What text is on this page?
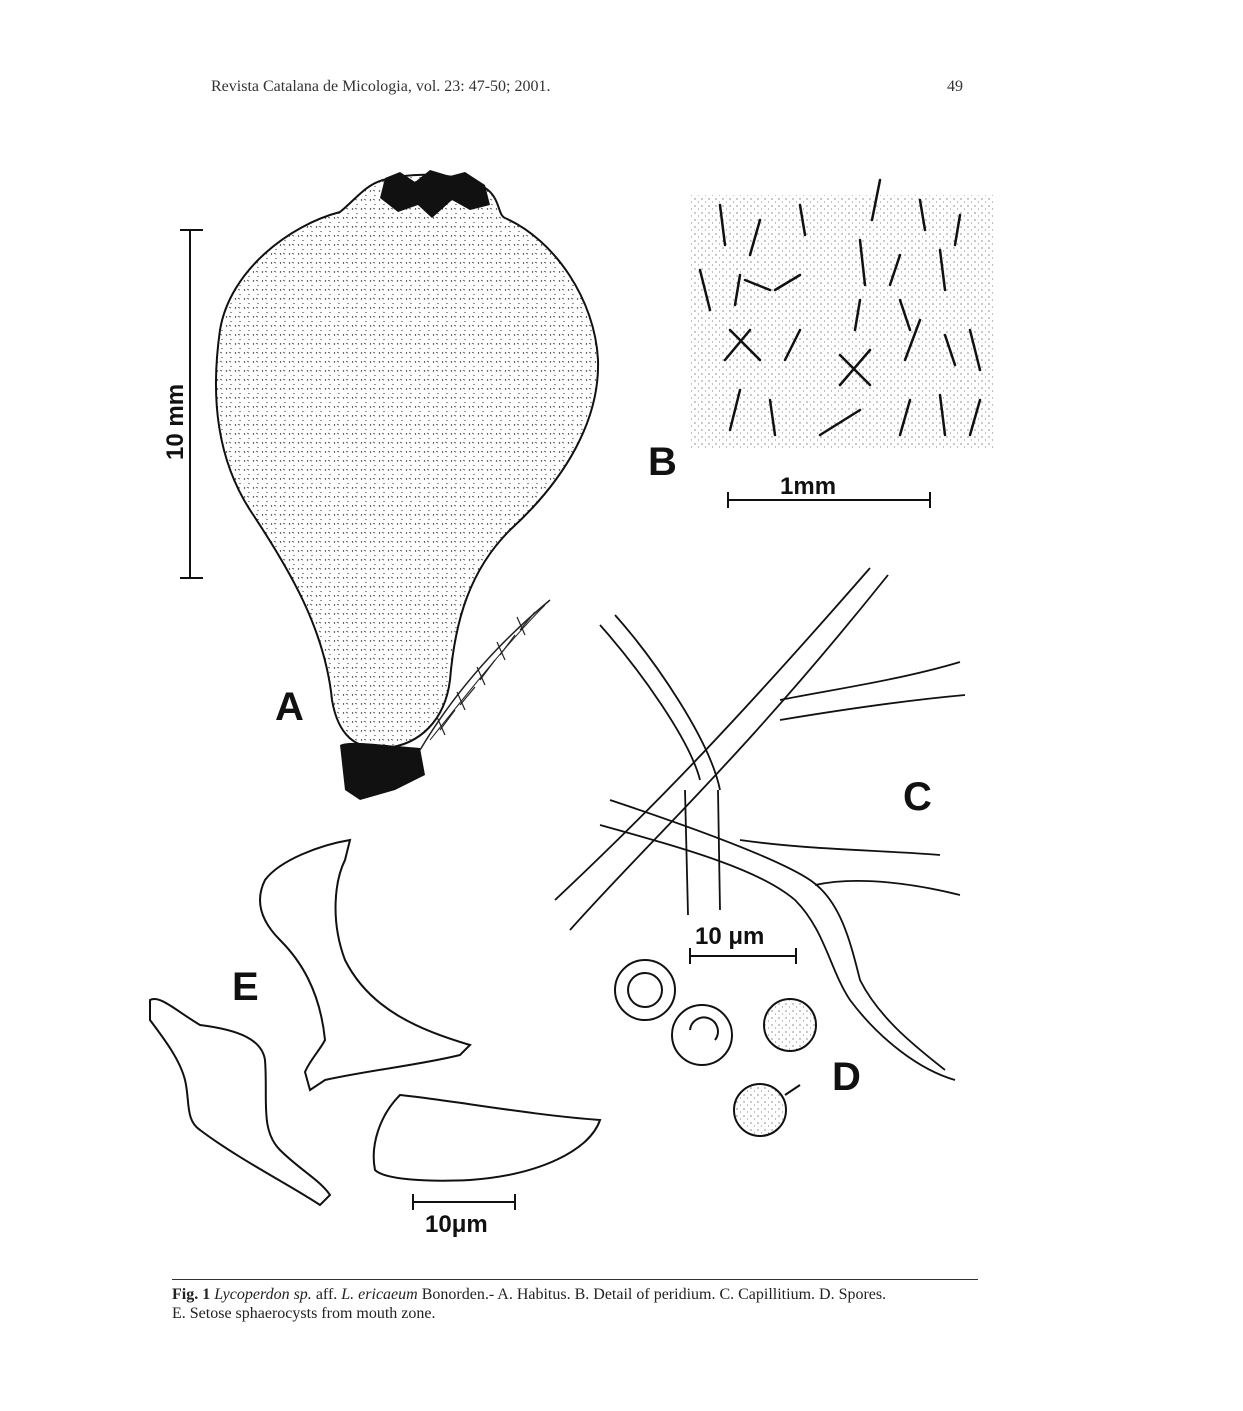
Revista Catalana de Micologia, vol. 23: 47-50; 2001.	49
10 mm
A
B
1mm
C
10 μm
D
E
10μm
Fig. 1 Lycoperdon sp. aff. L. ericaeum Bonorden.- A. Habitus. B. Detail of peridium. C. Capillitium. D. Spores.
E. Setose sphaerocysts from mouth zone.
